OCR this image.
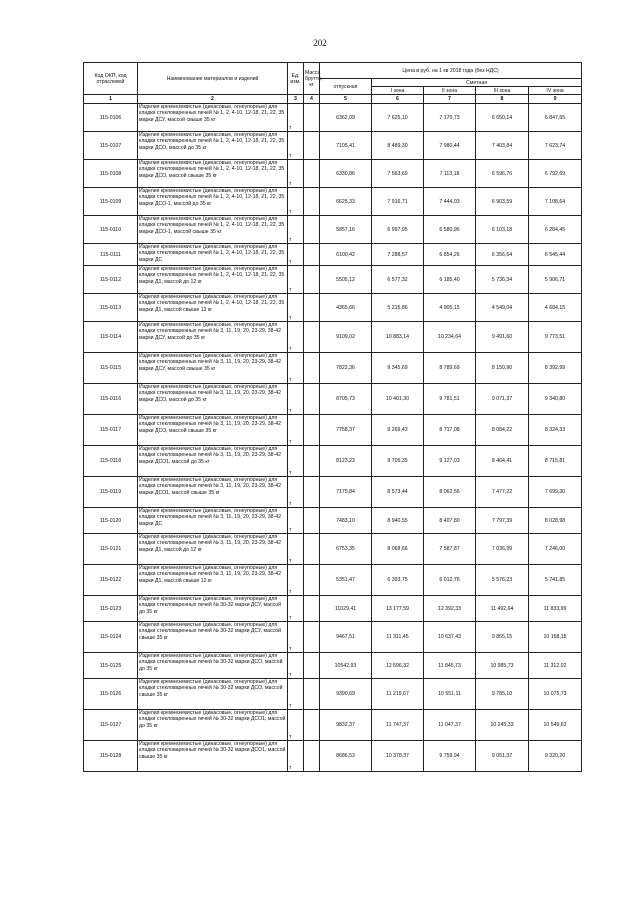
202
Код ОКП, код отраслевой	Наименование материалов и изделий	Ед. изм.	Масса брутто, кг	Цена в руб. на 1 кв 2018 года (без НДС)				
				отпускная	Сметная			
					I зона	II зона	III зона	IV зона
1	2	3	4	5	6	7	8	9
115-0106	Изделия кремнеземистые (динасовые, огнеупорные) для кладки стекловаренных печей № 1, 2, 4-10, 12-18, 21, 22, 35 марки ДСУ, массой свыше 35 кг	т		6362,09	7 625,10	7 170,73	6 650,14	6 847,65
115-0107	Изделия кремнеземистые (динасовые, огнеупорные) для кладки стекловаренных печей № 1, 2, 4-10, 12-18, 21, 22, 35 марки ДСО, массой до 35 кг	т		7105,41	8 489,30	7 980,44	7 403,84	7 623,74
115-0108	Изделия кремнеземистые (динасовые, огнеупорные) для кладки стекловаренных печей № 1, 2, 4-10, 12-18, 21, 22, 35 марки ДСО, массой свыше 35 кг	т		6330,86	7 563,69	7 113,18	6 596,76	6 792,69
115-0109	Изделия кремнеземистые (динасовые, огнеупорные) для кладки стекловаренных печей № 1, 2, 4-10, 12-18, 21, 22, 35 марки ДСО-1, массой до 35 кг	т		6625,33	7 916,71	7 444,03	6 903,59	7 108,64
115-0110	Изделия кремнеземистые (динасовые, огнеупорные) для кладки стекловаренных печей № 1, 2, 4-10, 12-18, 21, 22, 35 марки ДСО-1, массой свыше 35 кг	т		5857,16	6 997,95	6 580,96	6 103,18	6 284,45
115-0111	Изделия кремнеземистые (динасовые, огнеупорные) для кладки стекловаренных печей № 1, 2, 4-10, 12-18, 21, 22, 35 марки ДС	т		6100,42	7 288,57	6 854,26	6 356,64	6 545,44
115-0112	Изделия кремнеземистые (динасовые, огнеупорные) для кладки стекловаренных печей № 1, 2, 4-10, 12-18, 21, 22, 35 марки Д1, массой до 12 кг	т		5505,12	6 577,32	6 185,40	5 736,34	5 906,71
115-0113	Изделия кремнеземистые (динасовые, огнеупорные) для кладки стекловаренных печей № 1, 2, 4-10, 12-18, 21, 22, 35 марки Д1, массой свыше 12 кг	т		4365,66	5 215,86	4 905,15	4 549,04	4 684,15
115-0114	Изделия кремнеземистые (динасовые, огнеупорные) для кладки стекловаренных печей № 3, 11, 19, 20, 23-29, 38-42 марки ДСУ, массой до 35 кг	т		9109,02	10 883,14	10 234,64	9 491,60	9 773,51
115-0115	Изделия кремнеземистые (динасовые, огнеупорные) для кладки стекловаренных печей № 3, 11, 19, 20, 23-29, 38-42 марки ДСУ, массой свыше 35 кг	т		7822,36	9 345,69	8 789,69	8 150,90	8 392,99
115-0116	Изделия кремнеземистые (динасовые, огнеупорные) для кладки стекловаренных печей № 3, 11, 19, 20, 23-29, 38-42 марки ДСО, массой до 35 кг	т		8705,73	10 401,30	9 781,51	9 071,37	9 340,80
115-0117	Изделия кремнеземистые (динасовые, огнеупорные) для кладки стекловаренных печей № 3, 11, 19, 20, 23-29, 38-42 марки ДСО, массой свыше 35 кг	т		7758,37	9 269,43	8 717,08	8 084,22	8 324,33
115-0118	Изделия кремнеземистые (динасовые, огнеупорные) для кладки стекловаренных печей № 3, 11, 19, 20, 23-29, 38-42 марки ДСО1, массой до 35 кг	т		8123,23	9 705,35	9 127,03	8 464,41	8 715,81
115-0119	Изделия кремнеземистые (динасовые, огнеупорные) для кладки стекловаренных печей № 3, 11, 19, 20, 23-29, 38-42 марки ДСО1, массой свыше 35 кг	т		7175,84	8 573,44	8 062,56	7 477,22	7 699,30
115-0120	Изделия кремнеземистые (динасовые, огнеупорные) для кладки стекловаренных печей № 3, 11, 19, 20, 23-29, 38-42 марки ДС	т		7483,10	8 940,55	8 407,80	7 797,39	8 028,98
115-0121	Изделия кремнеземистые (динасовые, огнеупорные) для кладки стекловаренных печей № 3, 11, 19, 20, 23-29, 38-42 марки Д1, массой до 12 кг	т		6753,35	8 068,66	7 587,87	7 036,99	7 246,00
115-0122	Изделия кремнеземистые (динасовые, огнеупорные) для кладки стекловаренных печей № 3, 11, 19, 20, 23-29, 38-42 марки Д1, массой свыше 12 кг	т		5351,47	6 393,75	6 012,76	5 576,23	5 741,85
115-0123	Изделия кремнеземистые (динасовые, огнеупорные) для кладки стекловаренных печей № 30-32 марки ДСУ, массой до 35 кг	т		11029,41	13 177,59	12 392,33	11 492,64	11 833,99
115-0124	Изделия кремнеземистые (динасовые, огнеупорные) для кладки стекловаренных печей № 30-32 марки ДСУ, массой свыше 35 кг	т		9467,51	11 311,45	10 637,43	9 865,15	10 158,15
115-0125	Изделия кремнеземистые (динасовые, огнеупорные) для кладки стекловаренных печей № 30-32 марки ДСО, массой до 35 кг	т		10542,93	12 596,32	11 845,73	10 985,73	11 312,02
115-0126	Изделия кремнеземистые (динасовые, огнеупорные) для кладки стекловаренных печей № 30-32 марки ДСО, массой свыше 35 кг	т		9390,69	11 219,67	10 551,11	9 785,10	10 075,73
115-0127	Изделия кремнеземистые (динасовые, огнеупорные) для кладки стекловаренных печей № 30-32 марки ДСО1, массой до 35 кг	т		9832,37	11 747,37	11 047,37	10 245,33	10 549,63
115-0128	Изделия кремнеземистые (динасовые, огнеупорные) для кладки стекловаренных печей № 30-32 марки ДСО1, массой свыше 35 кг	т		8686,53	10 378,37	9 759,94	9 051,37	9 320,20
